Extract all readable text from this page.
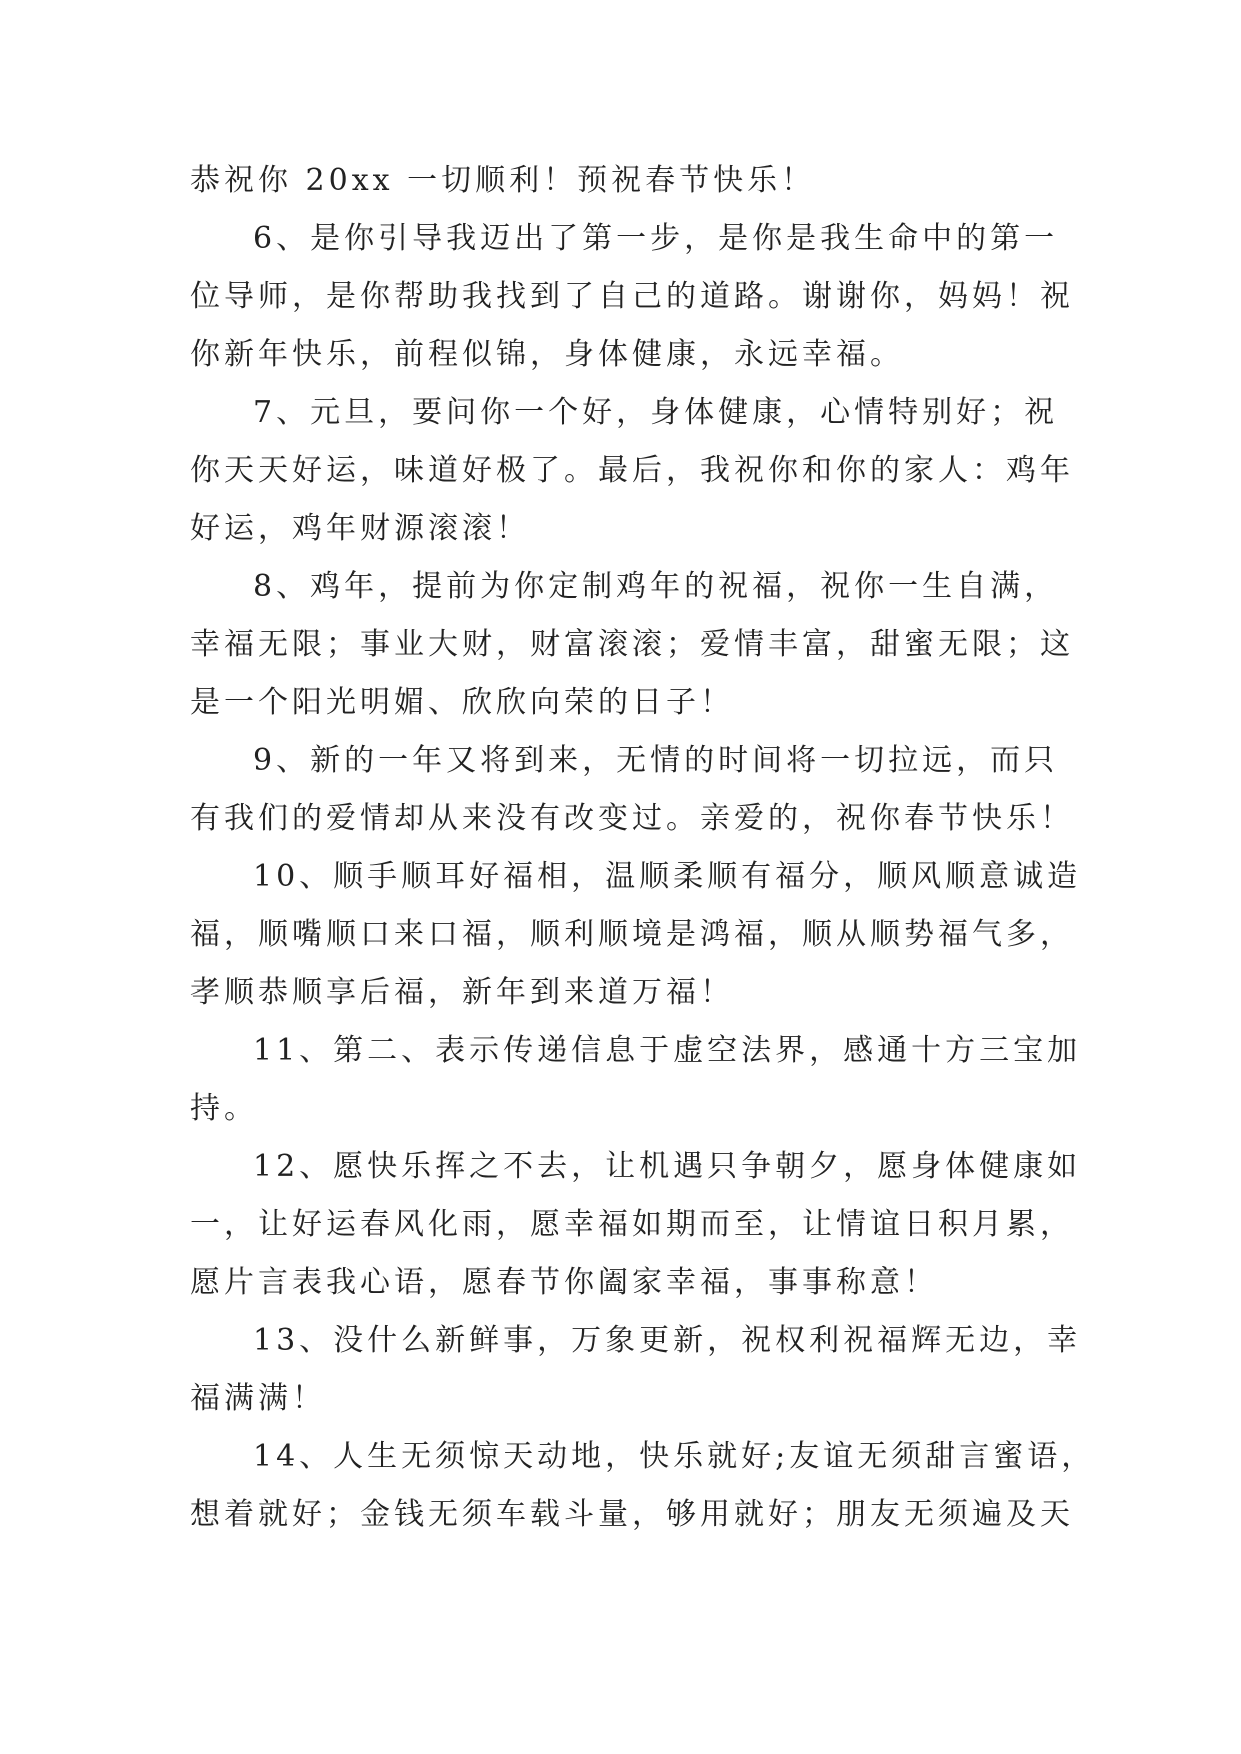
恭祝你 20xx 一切顺利！预祝春节快乐！
6、是你引导我迈出了第一步，是你是我生命中的第一
位导师，是你帮助我找到了自己的道路。谢谢你，妈妈！祝
你新年快乐，前程似锦，身体健康，永远幸福。
7、元旦，要问你一个好，身体健康，心情特别好；祝
你天天好运，味道好极了。最后，我祝你和你的家人：鸡年
好运，鸡年财源滚滚！
8、鸡年，提前为你定制鸡年的祝福，祝你一生自满，
幸福无限；事业大财，财富滚滚；爱情丰富，甜蜜无限；这
是一个阳光明媚、欣欣向荣的日子！
9、新的一年又将到来，无情的时间将一切拉远，而只
有我们的爱情却从来没有改变过。亲爱的，祝你春节快乐！
10、顺手顺耳好福相，温顺柔顺有福分，顺风顺意诚造
福，顺嘴顺口来口福，顺利顺境是鸿福，顺从顺势福气多，
孝顺恭顺享后福，新年到来道万福！
11、第二、表示传递信息于虚空法界，感通十方三宝加
持。
12、愿快乐挥之不去，让机遇只争朝夕，愿身体健康如
一，让好运春风化雨，愿幸福如期而至，让情谊日积月累，
愿片言表我心语，愿春节你阖家幸福，事事称意！
13、没什么新鲜事，万象更新，祝权利祝福辉无边，幸
福满满！
14、人生无须惊天动地，快乐就好;友谊无须甜言蜜语，
想着就好；金钱无须车载斗量，够用就好；朋友无须遍及天
